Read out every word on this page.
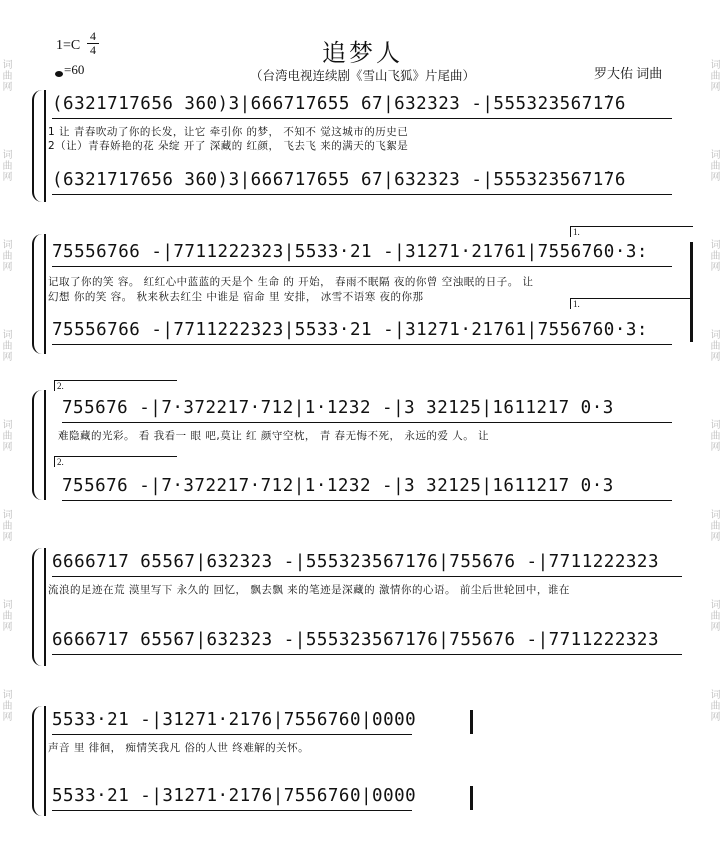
追梦人
（台湾电视连续剧《雪山飞狐》片尾曲）
1=C
4
4
=60	罗大佑 词曲
词曲网
词曲网
词曲网
词曲网
词曲网
词曲网
词曲网
词曲网
词曲网
词曲网
词曲网
词曲网
词曲网
词曲网
词曲网
词曲网
(6321717656 360)3|666717655 67|632323 -|5553235671̇76
1 让 青春吹动了你的长发，让它 牵引你 的梦， 不知不 觉这城市的历史已
2（让）青春娇艳的花 朵绽 开了 深藏的 红颜， 飞去飞 来的满天的飞絮是
(6321717656 360)3|666717655 67|632323 -|5553235671̇76
1.
75556766 -|7711222323|5533·21 -|31271·21761|7556760·3:
记取了你的笑 容。 红红心中蓝蓝的天是个 生命 的 开始， 春雨不眠隔 夜的你曾 空浊眠的日子。 让
幻想 你的笑 容。 秋来秋去红尘 中谁是 宿命 里 安排， 冰雪不语寒 夜的你那
1.
75556766 -|7711222323|5533·21 -|31271·21761|7556760·3:
2.
755676 -|7·372217·712|1·1232 -|3 32125|1611217 0·3
难隐藏的光彩。 看 我看一 眼 吧,莫让 红 颜守空枕， 青 春无悔不死， 永远的爱 人。 让
2.
755676 -|7·372217·712|1·1232 -|3 32125|1611217 0·3
6666717 65567|632323 -|5553235671̇76|755676 -|7711222323
流浪的足迹在荒 漠里写下 永久的 回忆， 飘去飘 来的笔迹是深藏的 激情你的心语。 前尘后世轮回中，谁在
6666717 65567|632323 -|5553235671̇76|755676 -|7711222323
5533·21 -|31271·2176|7556760|0000
声音 里 徘徊， 痴情笑我凡 俗的人世 终难解的关怀。
5533·21 -|31271·2176|7556760|0000
